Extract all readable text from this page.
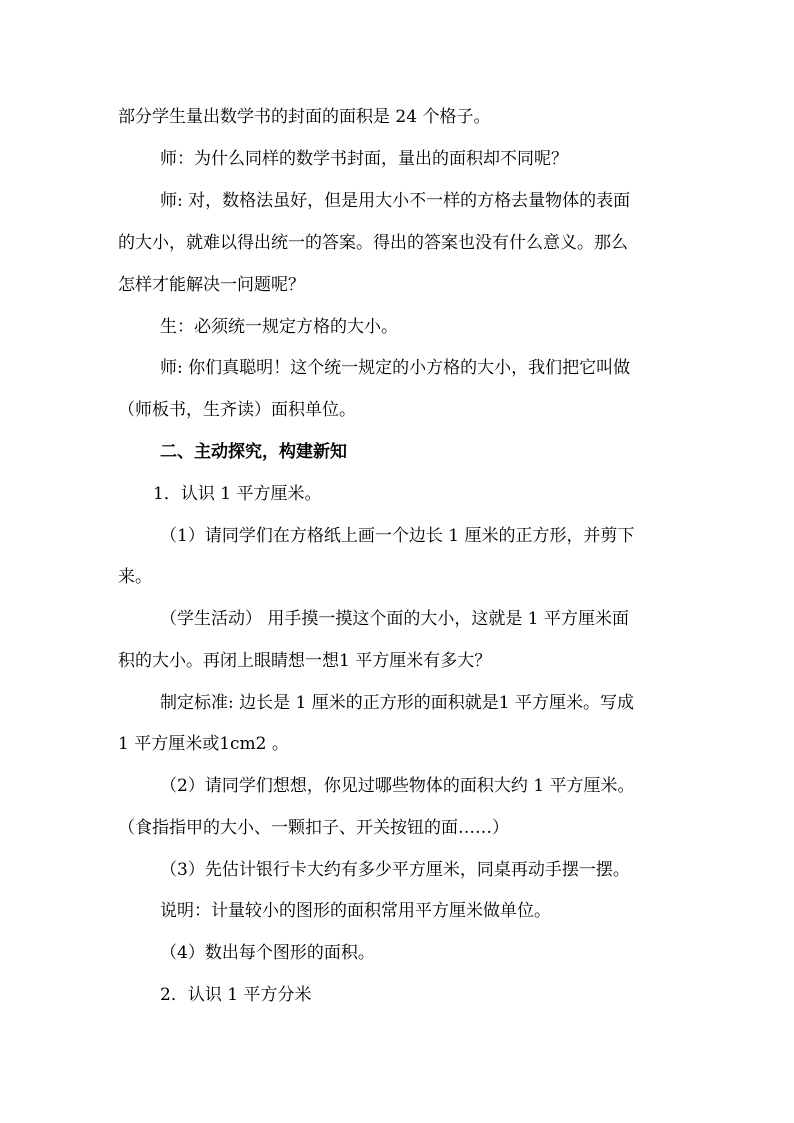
部分学生量出数学书的封面的面积是 24 个格子。
师：为什么同样的数学书封面，量出的面积却不同呢？
师: 对，数格法虽好，但是用大小不一样的方格去量物体的表面
的大小，就难以得出统一的答案。得出的答案也没有什么意义。那么
怎样才能解决一问题呢？
生：必须统一规定方格的大小。
师: 你们真聪明！这个统一规定的小方格的大小，我们把它叫做
（师板书，生齐读）面积单位。
二、主动探究，构建新知
1．认识 1 平方厘米。
（1）请同学们在方格纸上画一个边长 1 厘米的正方形，并剪下
来。
（学生活动） 用手摸一摸这个面的大小，这就是 1 平方厘米面
积的大小。再闭上眼睛想一想1 平方厘米有多大？
制定标准: 边长是 1 厘米的正方形的面积就是1 平方厘米。写成
1 平方厘米或1cm2 。
（2）请同学们想想，你见过哪些物体的面积大约 1 平方厘米。
（食指指甲的大小、一颗扣子、开关按钮的面……）
（3）先估计银行卡大约有多少平方厘米，同桌再动手摆一摆。
说明：计量较小的图形的面积常用平方厘米做单位。
（4）数出每个图形的面积。
2．认识 1 平方分米
